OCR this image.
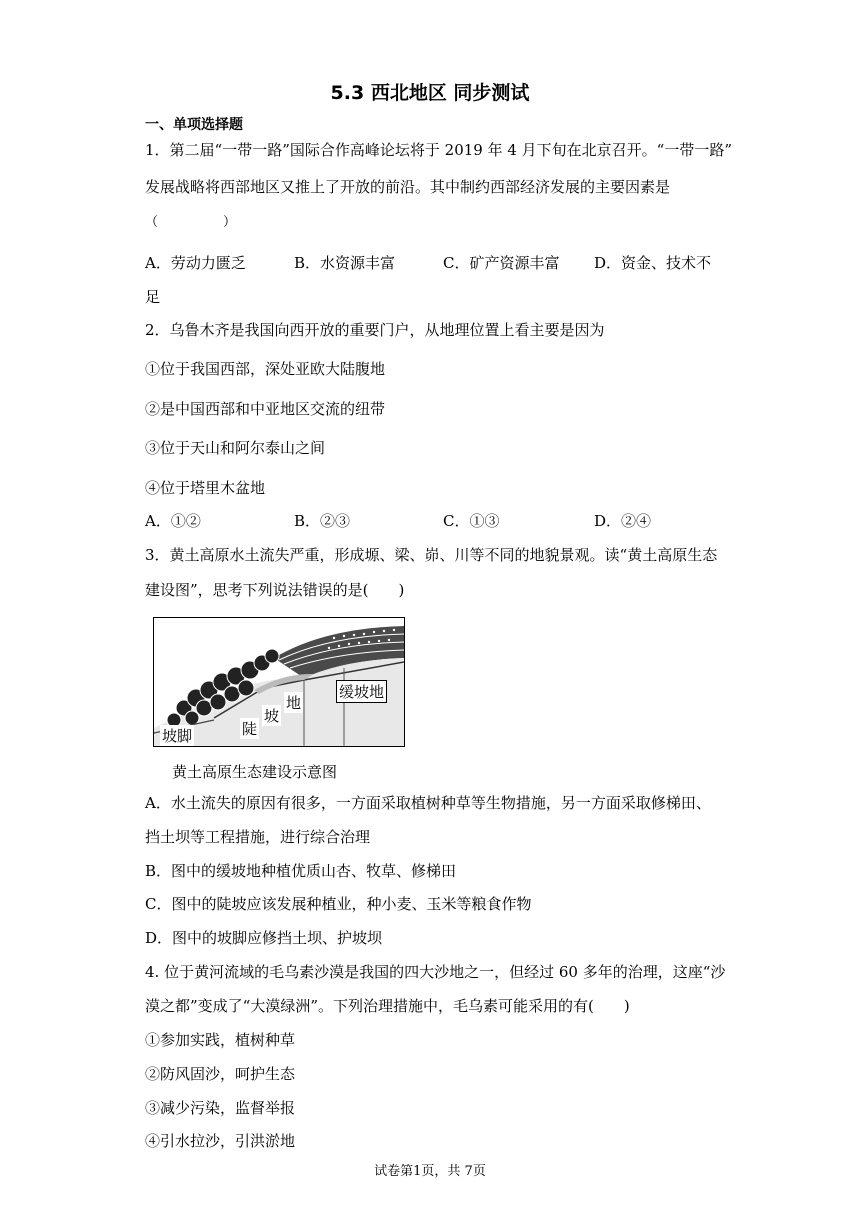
5.3 西北地区 同步测试
一、单项选择题
1．第二届“一带一路”国际合作高峰论坛将于 2019 年 4 月下旬在北京召开。“一带一路”
发展战略将西部地区又推上了开放的前沿。其中制约西部经济发展的主要因素是
（　　　　　）
A．劳动力匮乏	B．水资源丰富	C．矿产资源丰富 D．资金、技术不
足
2．乌鲁木齐是我国向西开放的重要门户，从地理位置上看主要是因为
①位于我国西部，深处亚欧大陆腹地
②是中国西部和中亚地区交流的纽带
③位于天山和阿尔泰山之间
④位于塔里木盆地
A．①②	B．②③	C．①③	D．②④
3．黄土高原水土流失严重，形成塬、梁、峁、川等不同的地貌景观。读“黄土高原生态
建设图”，思考下列说法错误的是(　　)
缓坡地
地
坡
陡
坡脚
黄土高原生态建设示意图
A．水土流失的原因有很多，一方面采取植树种草等生物措施，另一方面采取修梯田、
挡土坝等工程措施，进行综合治理
B．图中的缓坡地种植优质山杏、牧草、修梯田
C．图中的陡坡应该发展种植业，种小麦、玉米等粮食作物
D．图中的坡脚应修挡土坝、护坡坝
4. 位于黄河流域的毛乌素沙漠是我国的四大沙地之一，但经过 60 多年的治理，这座“沙
漠之都”变成了“大漠绿洲”。下列治理措施中，毛乌素可能采用的有(　　)
①参加实践，植树种草
②防风固沙，呵护生态
③减少污染，监督举报
④引水拉沙，引洪淤地
试卷第1页，共 7页
